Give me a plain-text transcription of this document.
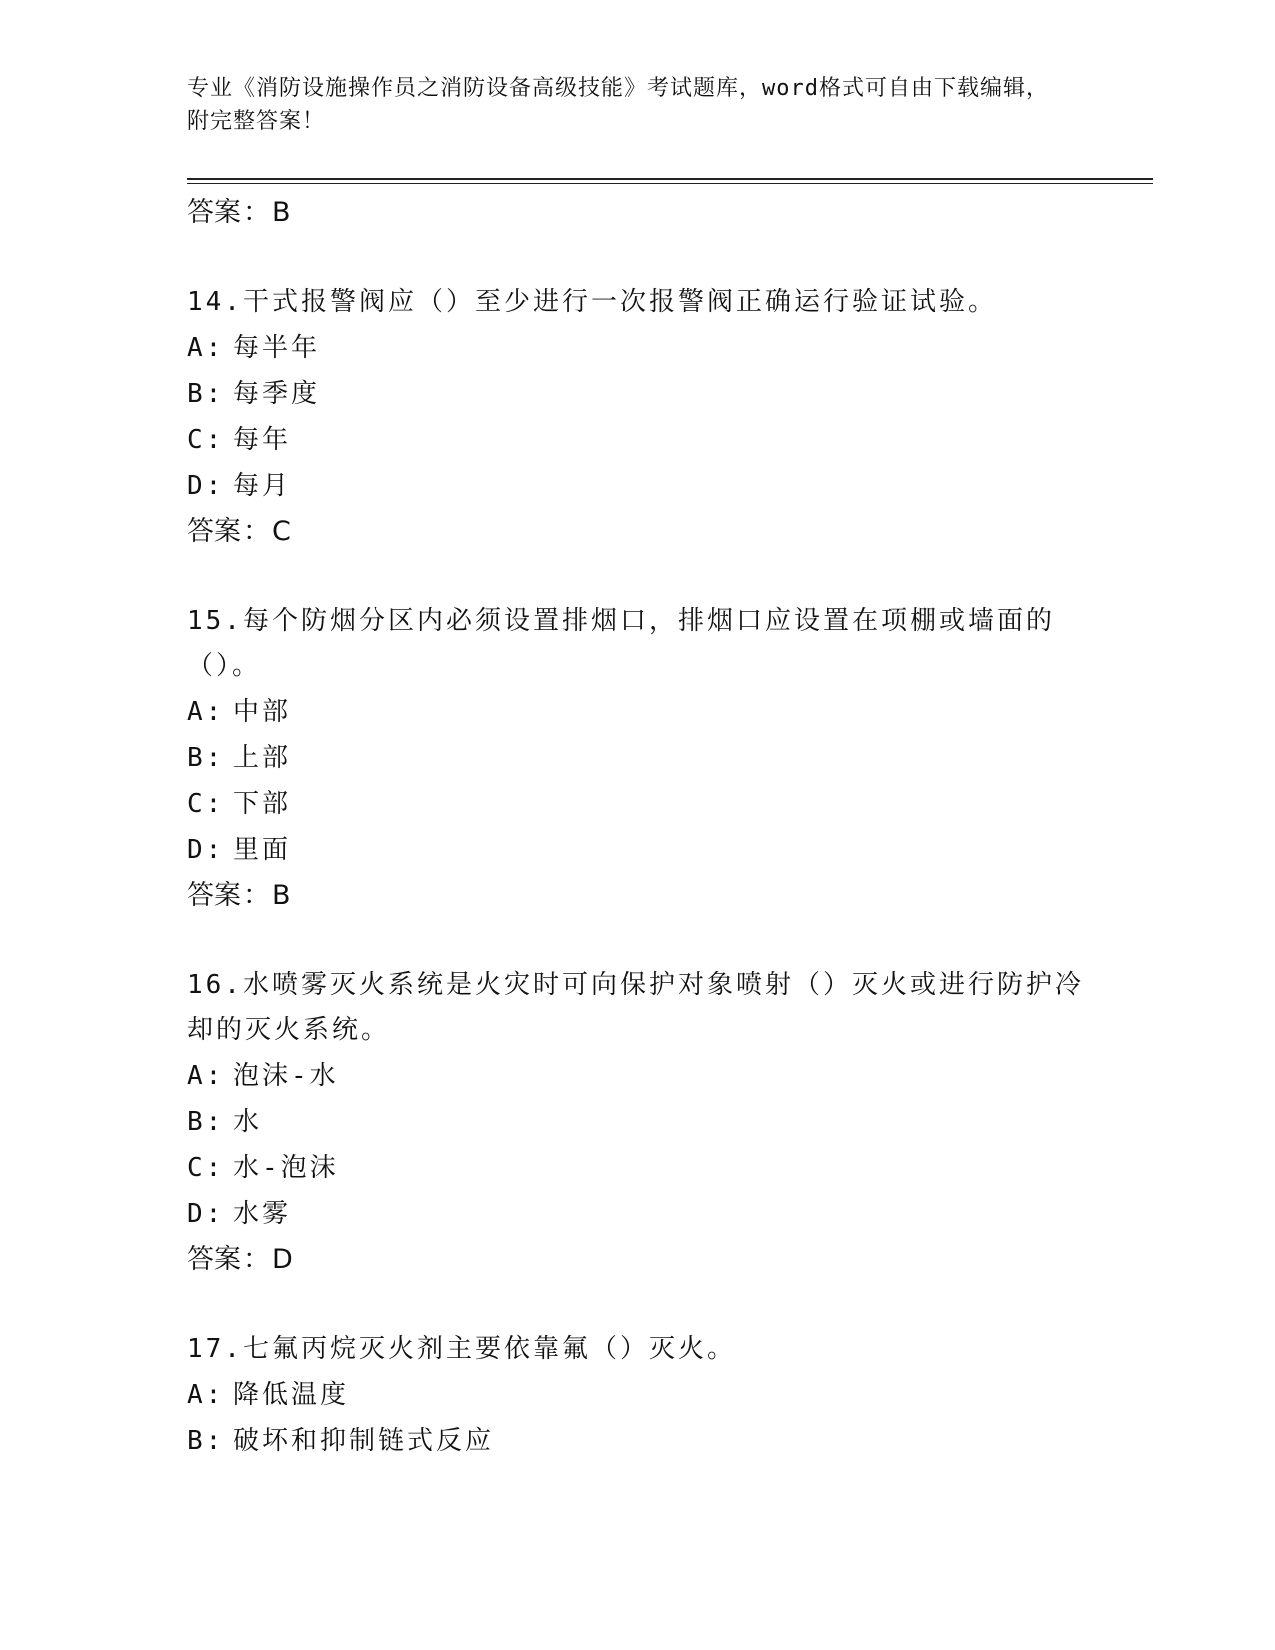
专业《消防设施操作员之消防设备高级技能》考试题库，word格式可自由下载编辑，附完整答案！
答案：B
14.干式报警阀应（）至少进行一次报警阀正确运行验证试验。
A: 每半年
B: 每季度
C: 每年
D: 每月
答案：C
15.每个防烟分区内必须设置排烟口，排烟口应设置在项棚或墙面的（）。
A: 中部
B: 上部
C: 下部
D: 里面
答案：B
16.水喷雾灭火系统是火灾时可向保护对象喷射（）灭火或进行防护冷却的灭火系统。
A: 泡沫-水
B: 水
C: 水-泡沫
D: 水雾
答案：D
17.七氟丙烷灭火剂主要依靠氟（）灭火。
A: 降低温度
B: 破坏和抑制链式反应
